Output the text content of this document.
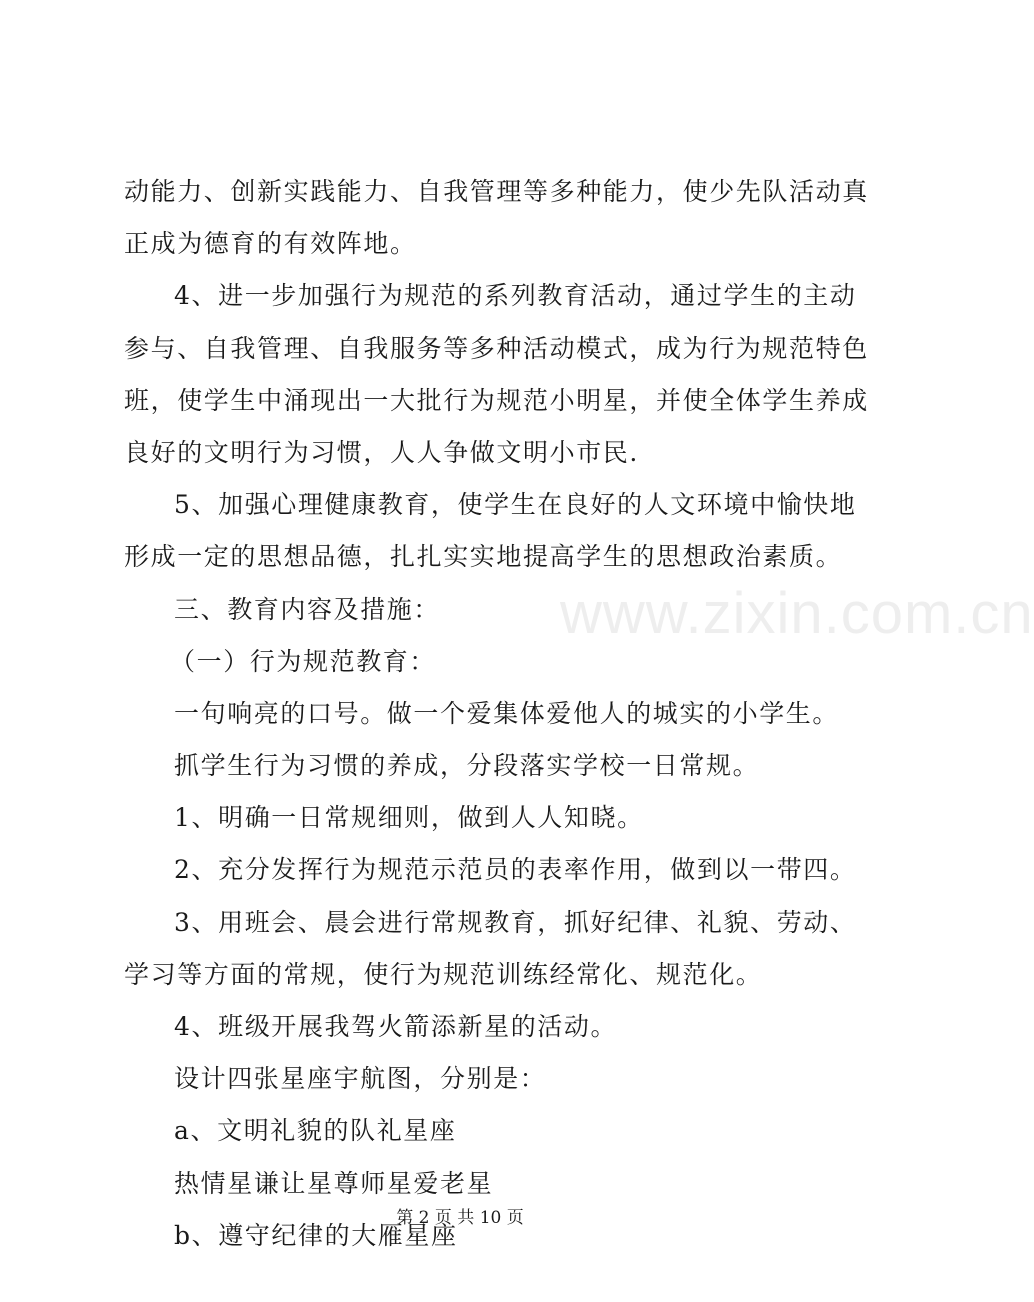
www.zixin.com.cn
动能力、创新实践能力、自我管理等多种能力，使少先队活动真
正成为德育的有效阵地。
4、进一步加强行为规范的系列教育活动，通过学生的主动
参与、自我管理、自我服务等多种活动模式，成为行为规范特色
班，使学生中涌现出一大批行为规范小明星，并使全体学生养成
良好的文明行为习惯，人人争做文明小市民.
5、加强心理健康教育，使学生在良好的人文环境中愉快地
形成一定的思想品德，扎扎实实地提高学生的思想政治素质。
三、教育内容及措施：
（一）行为规范教育：
一句响亮的口号。做一个爱集体爱他人的城实的小学生。
抓学生行为习惯的养成，分段落实学校一日常规。
1、明确一日常规细则，做到人人知晓。
2、充分发挥行为规范示范员的表率作用，做到以一带四。
3、用班会、晨会进行常规教育，抓好纪律、礼貌、劳动、
学习等方面的常规，使行为规范训练经常化、规范化。
4、班级开展我驾火箭添新星的活动。
设计四张星座宇航图，分别是：
a、文明礼貌的队礼星座
热情星谦让星尊师星爱老星
b、遵守纪律的大雁星座
第 2 页 共 10 页
